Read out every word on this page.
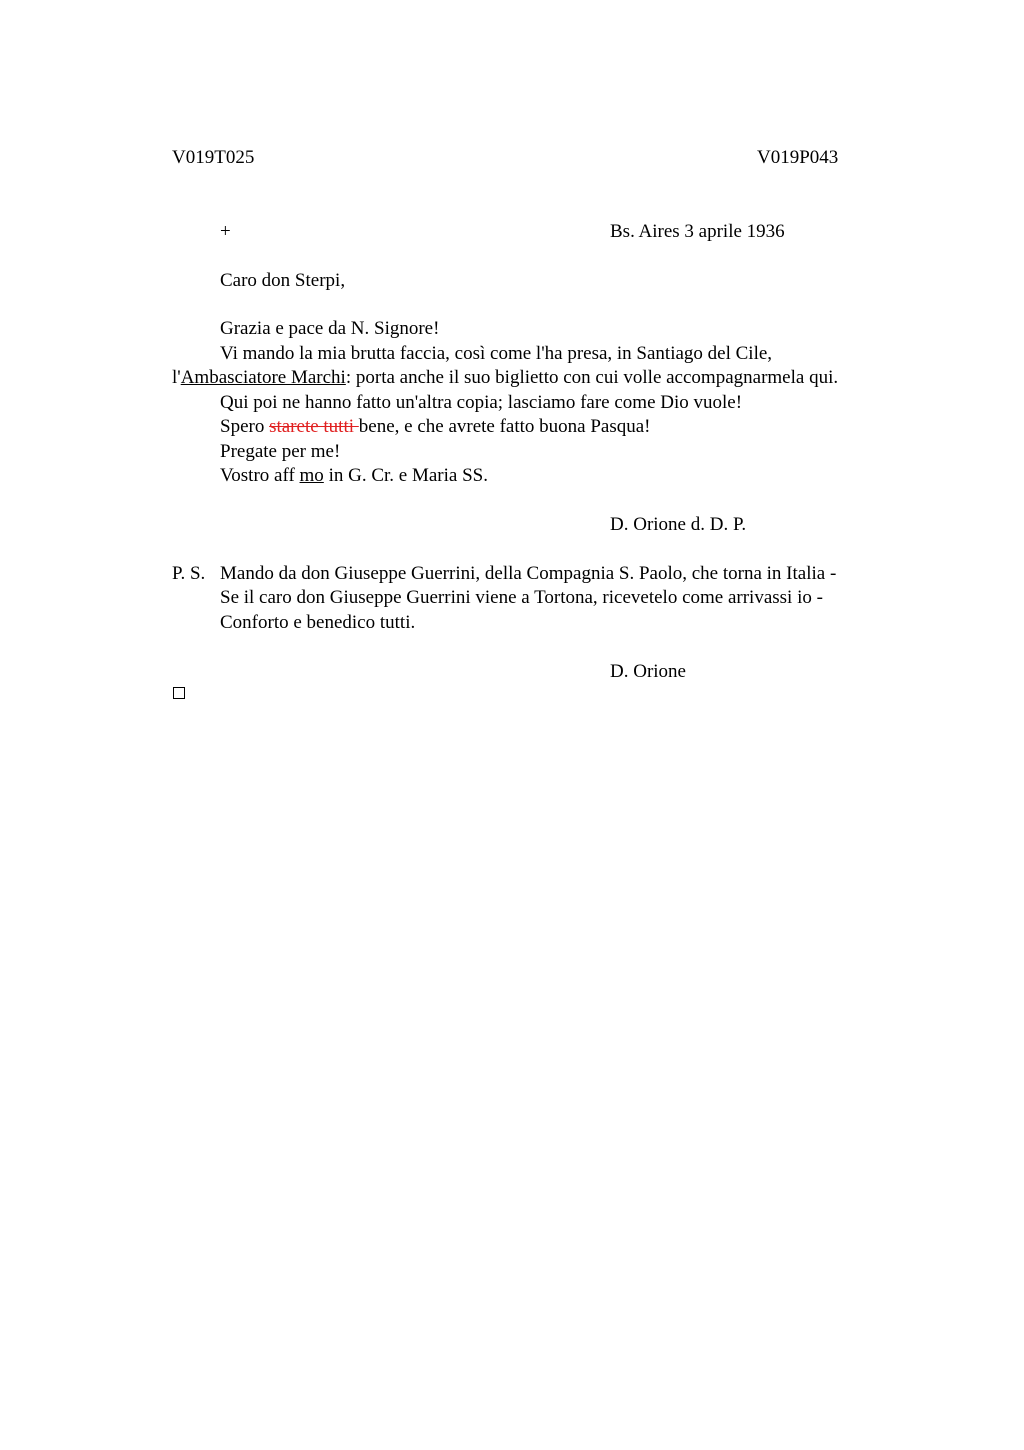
V019T025	V019P043
+	Bs. Aires 3 aprile 1936
Caro don Sterpi,
Grazia e pace da N. Signore!
Vi mando la mia brutta faccia, così come l'ha presa, in Santiago del Cile,
l'Ambasciatore Marchi: porta anche il suo biglietto con cui volle accompagnarmela qui.
Qui poi ne hanno fatto un'altra copia; lasciamo fare come Dio vuole!
Spero starete tutti bene, e che avrete fatto buona Pasqua!
Pregate per me!
Vostro aff mo in G. Cr. e Maria SS.
D. Orione d. D. P.
P. S. Mando da don Giuseppe Guerrini, della Compagnia S. Paolo, che torna in Italia -
Se il caro don Giuseppe Guerrini viene a Tortona, ricevetelo come arrivassi io -
Conforto e benedico tutti.
D. Orione
